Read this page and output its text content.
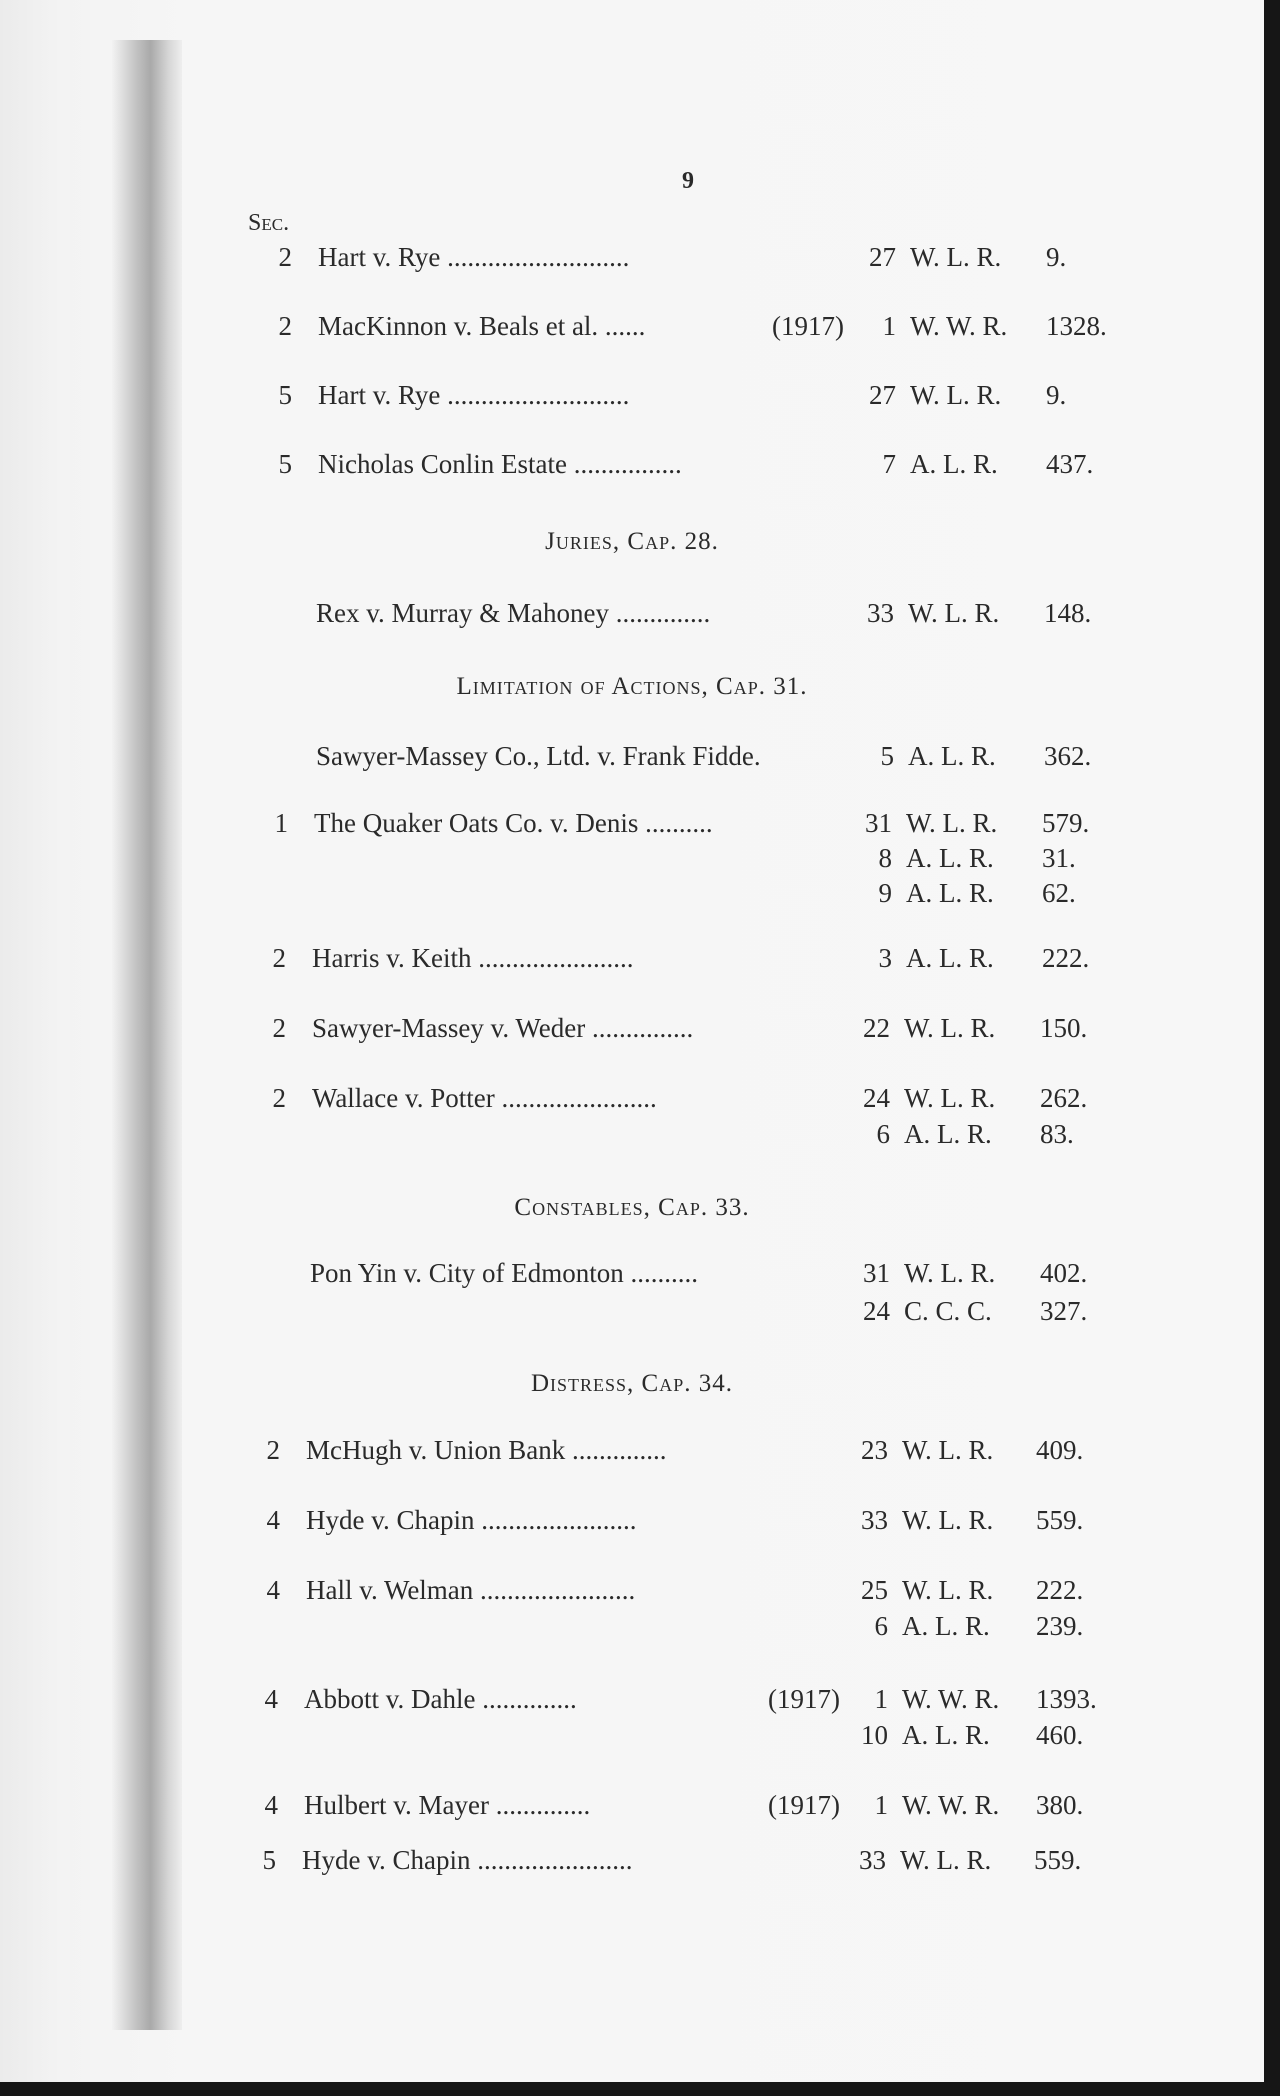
9
Sec.
2 Hart v. Rye ...........................	27 W. L. R. 9.
2 MacKinnon v. Beals et al. ......	(1917)	1 W. W. R. 1328.
5 Hart v. Rye ...........................	27 W. L. R. 9.
5 Nicholas Conlin Estate ................	7 A. L. R. 437.
Juries, Cap. 28.
Rex v. Murray & Mahoney ..............	33 W. L. R. 148.
Limitation of Actions, Cap. 31.
Sawyer-Massey Co., Ltd. v. Frank Fidde.	5 A. L. R. 362.
1 The Quaker Oats Co. v. Denis ..........	31 W. L. R. 579.
8 A. L. R. 31.
9 A. L. R. 62.
2 Harris v. Keith .......................	3 A. L. R. 222.
2 Sawyer-Massey v. Weder ...............	22 W. L. R. 150.
2 Wallace v. Potter .......................	24 W. L. R. 262.
6 A. L. R. 83.
Constables, Cap. 33.
Pon Yin v. City of Edmonton ..........	31 W. L. R. 402.
24 C. C. C. 327.
Distress, Cap. 34.
2 McHugh v. Union Bank ..............	23 W. L. R. 409.
4 Hyde v. Chapin .......................	33 W. L. R. 559.
4 Hall v. Welman .......................	25 W. L. R. 222.
6 A. L. R. 239.
4 Abbott v. Dahle ..............	(1917)	1 W. W. R. 1393.
10 A. L. R. 460.
4 Hulbert v. Mayer ..............	(1917)	1 W. W. R. 380.
5 Hyde v. Chapin .......................	33 W. L. R. 559.
